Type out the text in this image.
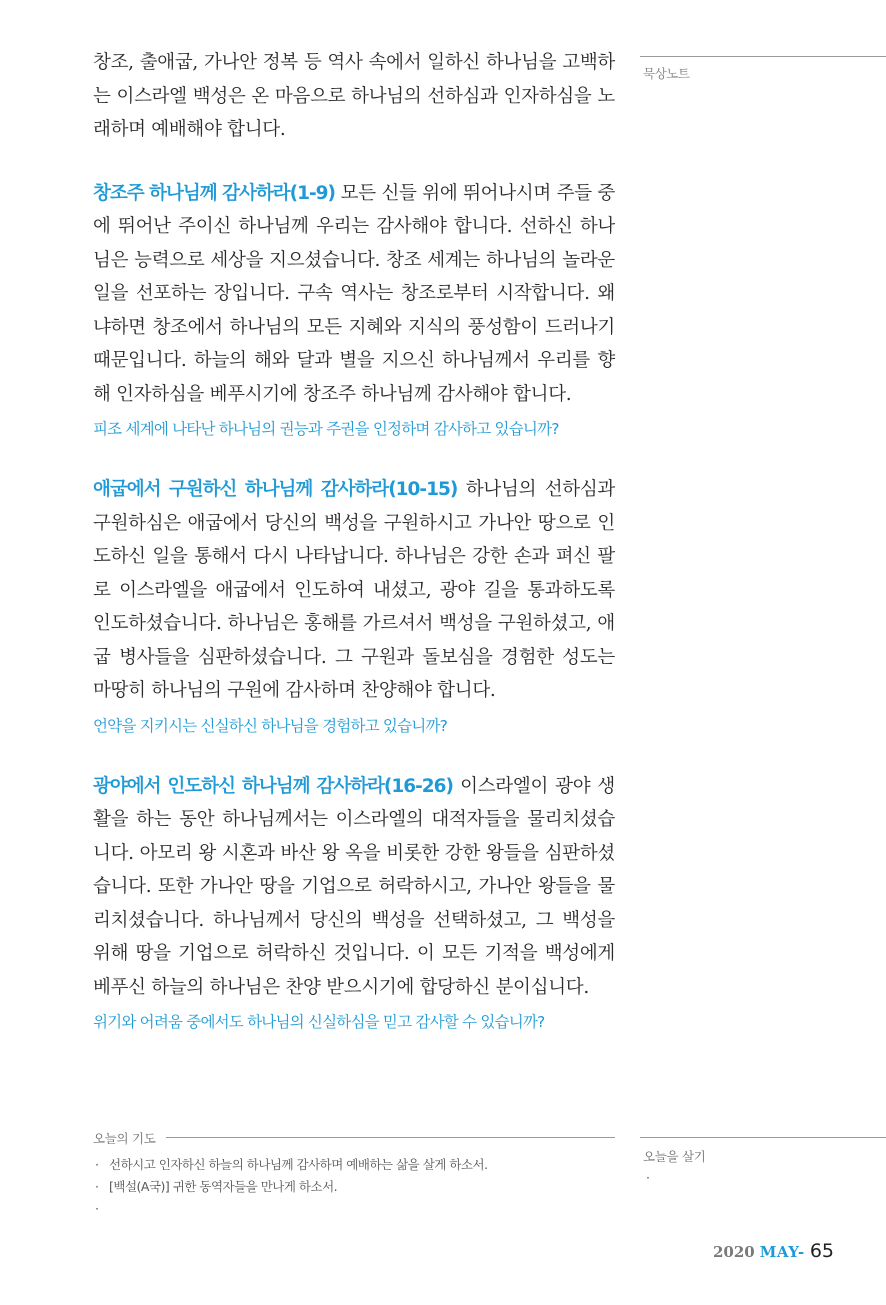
창조, 출애굽, 가나안 정복 등 역사 속에서 일하신 하나님을 고백하는 이스라엘 백성은 온 마음으로 하나님의 선하심과 인자하심을 노래하며 예배해야 합니다.

창조주 하나님께 감사하라(1-9) 모든 신들 위에 뛰어나시며 주들 중에 뛰어난 주이신 하나님께 우리는 감사해야 합니다. 선하신 하나님은 능력으로 세상을 지으셨습니다. 창조 세계는 하나님의 놀라운 일을 선포하는 장입니다. 구속 역사는 창조로부터 시작합니다. 왜냐하면 창조에서 하나님의 모든 지혜와 지식의 풍성함이 드러나기 때문입니다. 하늘의 해와 달과 별을 지으신 하나님께서 우리를 향해 인자하심을 베푸시기에 창조주 하나님께 감사해야 합니다.

피조 세계에 나타난 하나님의 권능과 주권을 인정하며 감사하고 있습니까?

애굽에서 구원하신 하나님께 감사하라(10-15) 하나님의 선하심과 구원하심은 애굽에서 당신의 백성을 구원하시고 가나안 땅으로 인도하신 일을 통해서 다시 나타납니다. 하나님은 강한 손과 펴신 팔로 이스라엘을 애굽에서 인도하여 내셨고, 광야 길을 통과하도록 인도하셨습니다. 하나님은 홍해를 가르셔서 백성을 구원하셨고, 애굽 병사들을 심판하셨습니다. 그 구원과 돌보심을 경험한 성도는 마땅히 하나님의 구원에 감사하며 찬양해야 합니다.

언약을 지키시는 신실하신 하나님을 경험하고 있습니까?

광야에서 인도하신 하나님께 감사하라(16-26) 이스라엘이 광야 생활을 하는 동안 하나님께서는 이스라엘의 대적자들을 물리치셨습니다. 아모리 왕 시혼과 바산 왕 옥을 비롯한 강한 왕들을 심판하셨습니다. 또한 가나안 땅을 기업으로 허락하시고, 가나안 왕들을 물리치셨습니다. 하나님께서 당신의 백성을 선택하셨고, 그 백성을 위해 땅을 기업으로 허락하신 것입니다. 이 모든 기적을 백성에게 베푸신 하늘의 하나님은 찬양 받으시기에 합당하신 분이십니다.

위기와 어려움 중에서도 하나님의 신실하심을 믿고 감사할 수 있습니까?

묵상노트
오늘의 기도
· 선하시고 인자하신 하늘의 하나님께 감사하며 예배하는 삶을 살게 하소서.
· [백설(A국)] 귀한 동역자들을 만나게 하소서.
·
오늘을 살기
·
2020 MAY- 65
